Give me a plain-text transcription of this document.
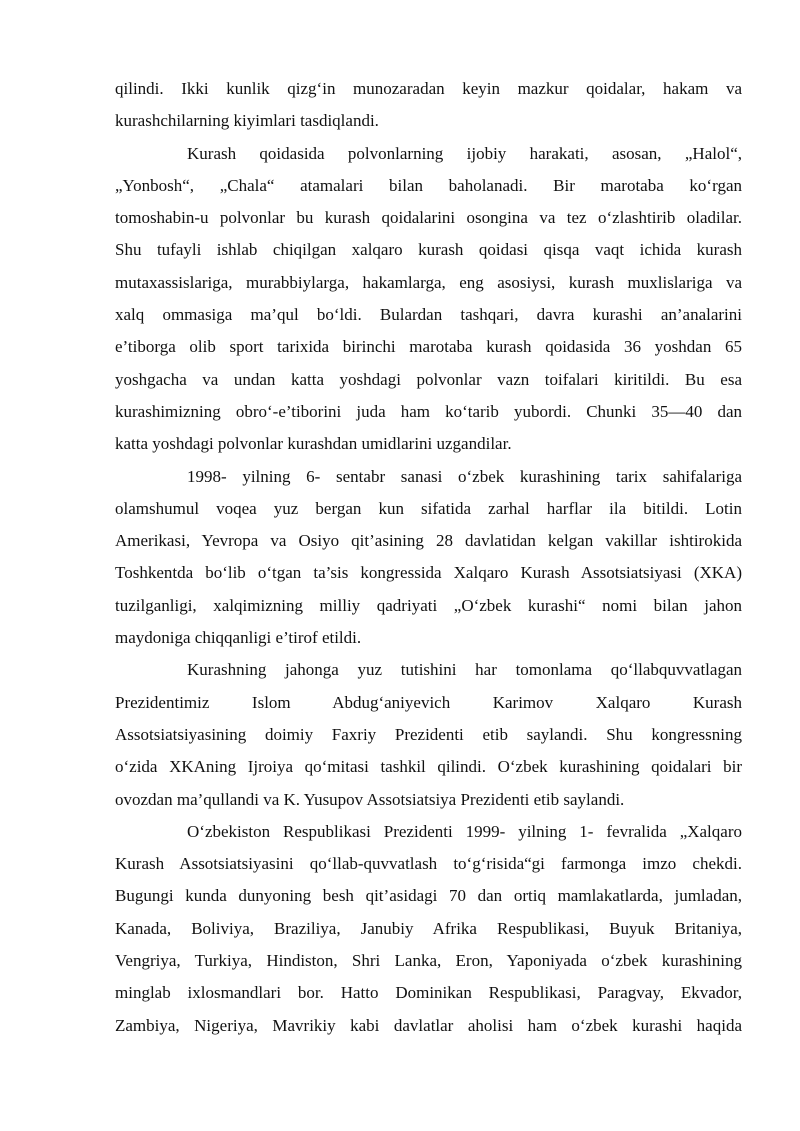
qilindi. Ikki kunlik qizg‘in munozaradan keyin mazkur qoidalar, hakam va
kurashchilarning kiyimlari tasdiqlandi.
Kurash qoidasida polvonlarning ijobiy harakati, asosan, „Halol“,
„Yonbosh“, „Chala“ atamalari bilan baholanadi. Bir marotaba ko‘rgan
tomoshabin-u polvonlar bu kurash qoidalarini osongina va tez o‘zlashtirib oladilar.
Shu tufayli ishlab chiqilgan xalqaro kurash qoidasi qisqa vaqt ichida kurash
mutaxassislariga, murabbiylarga, hakamlarga, eng asosiysi, kurash muxlislariga va
xalq ommasiga ma’qul bo‘ldi. Bulardan tashqari, davra kurashi an’analarini
e’tiborga olib sport tarixida birinchi marotaba kurash qoidasida 36 yoshdan 65
yoshgacha va undan katta yoshdagi polvonlar vazn toifalari kiritildi. Bu esa
kurashimizning obro‘-e’tiborini juda ham ko‘tarib yubordi. Chunki 35—40 dan
katta yoshdagi polvonlar kurashdan umidlarini uzgandilar.
1998- yilning 6- sentabr sanasi o‘zbek kurashining tarix sahifalariga
olamshumul voqea yuz bergan kun sifatida zarhal harflar ila bitildi. Lotin
Amerikasi, Yevropa va Osiyo qit’asining 28 davlatidan kelgan vakillar ishtirokida
Toshkentda bo‘lib o‘tgan ta’sis kongressida Xalqaro Kurash Assotsiatsiyasi (XKA)
tuzilganligi, xalqimizning milliy qadriyati „O‘zbek kurashi“ nomi bilan jahon
maydoniga chiqqanligi e’tirof etildi.
Kurashning jahonga yuz tutishini har tomonlama qo‘llabquvvatlagan
Prezidentimiz Islom Abdug‘aniyevich Karimov Xalqaro Kurash
Assotsiatsiyasining doimiy Faxriy Prezidenti etib saylandi. Shu kongressning
o‘zida XKAning Ijroiya qo‘mitasi tashkil qilindi. O‘zbek kurashining qoidalari bir
ovozdan ma’qullandi va K. Yusupov Assotsiatsiya Prezidenti etib saylandi.
O‘zbekiston Respublikasi Prezidenti 1999- yilning 1- fevralida „Xalqaro
Kurash Assotsiatsiyasini qo‘llab-quvvatlash to‘g‘risida“gi farmonga imzo chekdi.
Bugungi kunda dunyoning besh qit’asidagi 70 dan ortiq mamlakatlarda, jumladan,
Kanada, Boliviya, Braziliya, Janubiy Afrika Respublikasi, Buyuk Britaniya,
Vengriya, Turkiya, Hindiston, Shri Lanka, Eron, Yaponiyada o‘zbek kurashining
minglab ixlosmandlari bor. Hatto Dominikan Respublikasi, Paragvay, Ekvador,
Zambiya, Nigeriya, Mavrikiy kabi davlatlar aholisi ham o‘zbek kurashi haqida
